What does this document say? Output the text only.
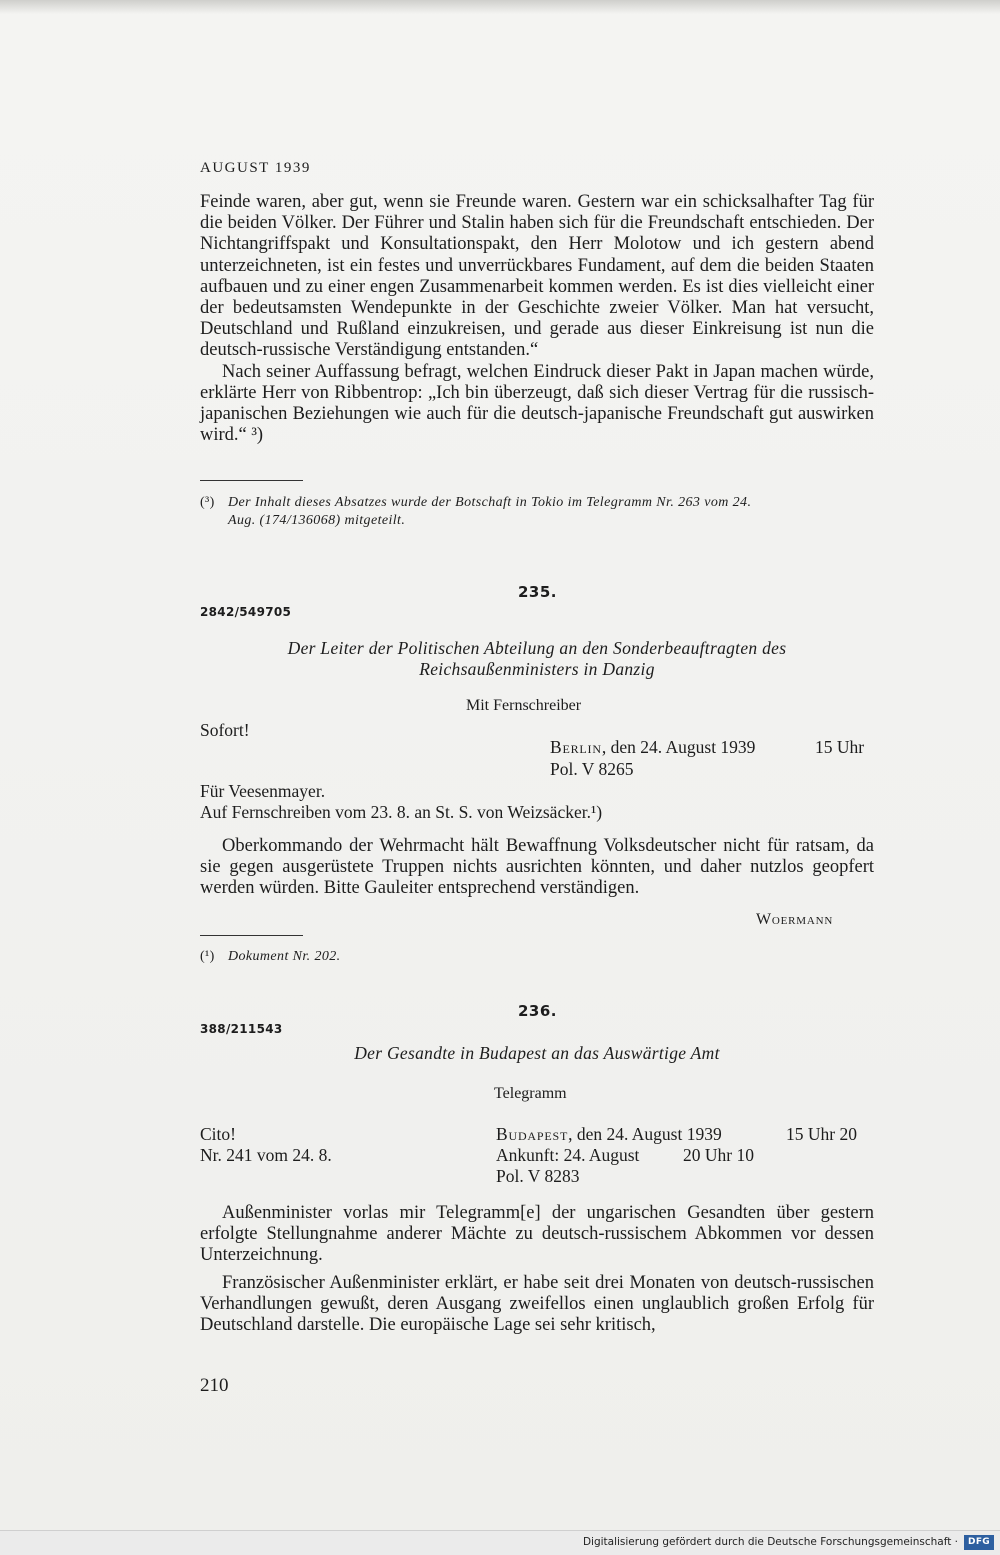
AUGUST 1939

Feinde waren, aber gut, wenn sie Freunde waren. Gestern war ein schicksalhafter Tag für die beiden Völker. Der Führer und Stalin haben sich für die Freundschaft entschieden. Der Nichtangriffspakt und Konsultationspakt, den Herr Molotow und ich gestern abend unterzeichneten, ist ein festes und unverrückbares Fundament, auf dem die beiden Staaten aufbauen und zu einer engen Zusammenarbeit kommen werden. Es ist dies vielleicht einer der bedeutsamsten Wendepunkte in der Geschichte zweier Völker. Man hat versucht, Deutschland und Rußland einzukreisen, und gerade aus dieser Einkreisung ist nun die deutsch-russische Verständigung entstanden.“

Nach seiner Auffassung befragt, welchen Eindruck dieser Pakt in Japan machen würde, erklärte Herr von Ribbentrop: „Ich bin überzeugt, daß sich dieser Vertrag für die russisch-japanischen Beziehungen wie auch für die deutsch-japanische Freundschaft gut auswirken wird.“ ³)

(³) Der Inhalt dieses Absatzes wurde der Botschaft in Tokio im Telegramm Nr. 263 vom 24.
Aug. (174/136068) mitgeteilt.
235.
2842/549705
Der Leiter der Politischen Abteilung an den Sonderbeauftragten des
Reichsaußenministers in Danzig
Mit Fernschreiber
Sofort!
Berlin, den 24. August 1939	15 Uhr
Pol. V 8265
Für Veesenmayer.
Auf Fernschreiben vom 23. 8. an St. S. von Weizsäcker.¹)

Oberkommando der Wehrmacht hält Bewaffnung Volksdeutscher nicht für ratsam, da sie gegen ausgerüstete Truppen nichts ausrichten könnten, und daher nutzlos geopfert werden würden. Bitte Gauleiter entsprechend verständigen.

Woermann
(¹) Dokument Nr. 202.
236.
388/211543
Der Gesandte in Budapest an das Auswärtige Amt
Telegramm
Cito!
Nr. 241 vom 24. 8.
Budapest, den 24. August 1939	15 Uhr 20
Ankunft: 24. August 20 Uhr 10
Pol. V 8283

Außenminister vorlas mir Telegramm[e] der ungarischen Gesandten über gestern erfolgte Stellungnahme anderer Mächte zu deutsch-russischem Abkommen vor dessen Unterzeichnung.

Französischer Außenminister erklärt, er habe seit drei Monaten von deutsch-russischen Verhandlungen gewußt, deren Ausgang zweifellos einen unglaublich großen Erfolg für Deutschland darstelle. Die europäische Lage sei sehr kritisch,

210
Digitalisierung gefördert durch die Deutsche Forschungsgemeinschaft ·	DFG
